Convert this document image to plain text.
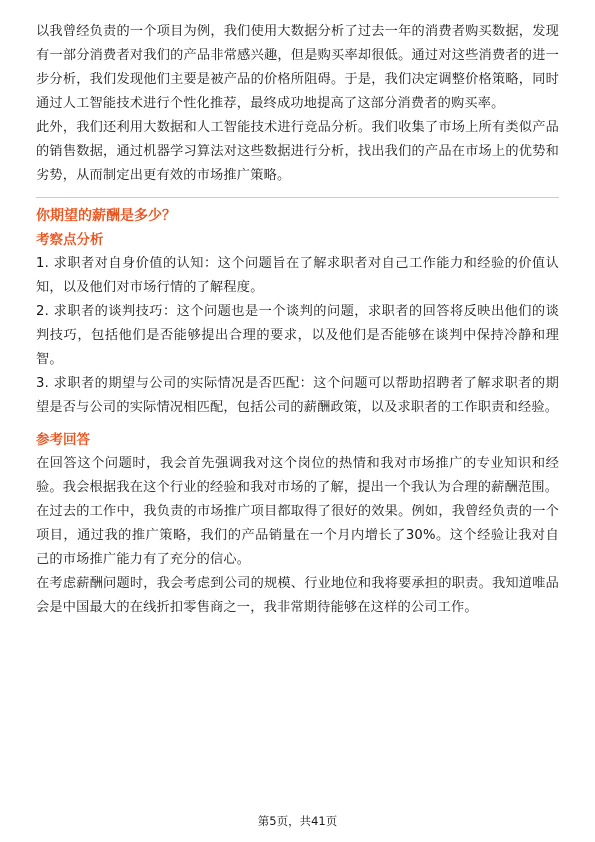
以我曾经负责的一个项目为例，我们使用大数据分析了过去一年的消费者购买数据，发现有一部分消费者对我们的产品非常感兴趣，但是购买率却很低。通过对这些消费者的进一步分析，我们发现他们主要是被产品的价格所阻碍。于是，我们决定调整价格策略，同时通过人工智能技术进行个性化推荐，最终成功地提高了这部分消费者的购买率。

此外，我们还利用大数据和人工智能技术进行竞品分析。我们收集了市场上所有类似产品的销售数据，通过机器学习算法对这些数据进行分析，找出我们的产品在市场上的优势和劣势，从而制定出更有效的市场推广策略。

你期望的薪酬是多少？

考察点分析

1. 求职者对自身价值的认知：这个问题旨在了解求职者对自己工作能力和经验的价值认知，以及他们对市场行情的了解程度。

2. 求职者的谈判技巧：这个问题也是一个谈判的问题，求职者的回答将反映出他们的谈判技巧，包括他们是否能够提出合理的要求，以及他们是否能够在谈判中保持冷静和理智。

3. 求职者的期望与公司的实际情况是否匹配：这个问题可以帮助招聘者了解求职者的期望是否与公司的实际情况相匹配，包括公司的薪酬政策，以及求职者的工作职责和经验。

参考回答

在回答这个问题时，我会首先强调我对这个岗位的热情和我对市场推广的专业知识和经验。我会根据我在这个行业的经验和我对市场的了解，提出一个我认为合理的薪酬范围。

在过去的工作中，我负责的市场推广项目都取得了很好的效果。例如，我曾经负责的一个项目，通过我的推广策略，我们的产品销量在一个月内增长了30%。这个经验让我对自己的市场推广能力有了充分的信心。

在考虑薪酬问题时，我会考虑到公司的规模、行业地位和我将要承担的职责。我知道唯品会是中国最大的在线折扣零售商之一，我非常期待能够在这样的公司工作。

第5页，共41页
